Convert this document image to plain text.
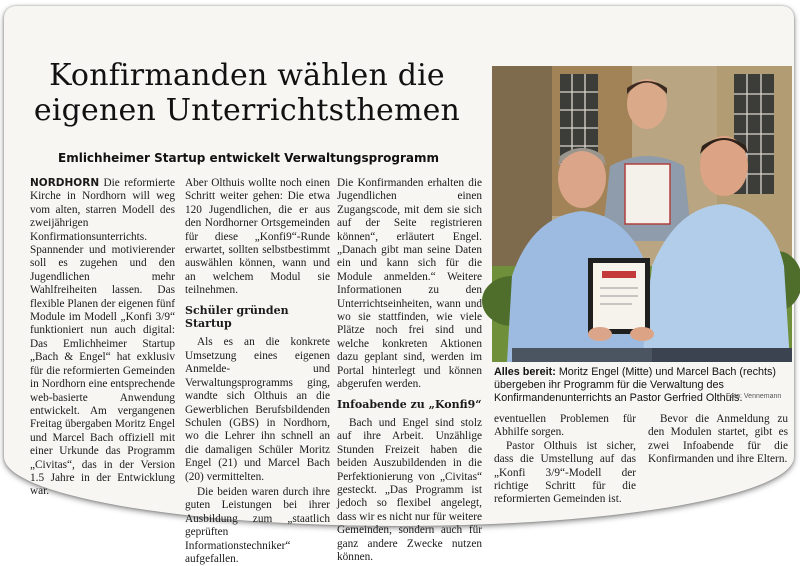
Konfirmanden wählen die eigenen Unterrichtsthemen
Emlichheimer Startup entwickelt Verwaltungsprogramm

NORDHORN Die reformierte Kirche in Nordhorn will weg vom alten, starren Modell des zweijährigen Konfirmationsunterrichts. Spannender und motivierender soll es zugehen und den Jugendlichen mehr Wahlfreiheiten lassen. Das flexible Planen der eigenen fünf Module im Modell „Konfi 3/9“ funktioniert nun auch digital: Das Emlichheimer Startup „Bach & Engel“ hat exklusiv für die reformierten Gemeinden in Nordhorn eine entsprechende web-basierte Anwendung entwickelt. Am vergangenen Freitag übergaben Moritz Engel und Marcel Bach offiziell mit einer Urkunde das Programm „Civitas“, das in der Version 1.5 Jahre in der Entwicklung war.

Aber Olthuis wollte noch einen Schritt weiter gehen: Die etwa 120 Jugendlichen, die er aus den Nordhorner Ortsgemeinden für diese „Konfi9“-Runde erwartet, sollten selbstbestimmt auswählen können, wann und an welchem Modul sie teilnehmen.

Schüler gründen Startup

Als es an die konkrete Umsetzung eines eigenen Anmelde- und Verwaltungsprogramms ging, wandte sich Olthuis an die Gewerblichen Berufsbildenden Schulen (GBS) in Nordhorn, wo die Lehrer ihn schnell an die damaligen Schüler Moritz Engel (21) und Marcel Bach (20) vermittelten.

Die beiden waren durch ihre guten Leistungen bei ihrer Ausbildung zum „staatlich geprüften Informationstechniker“ aufgefallen.

Die Konfirmanden erhalten die Jugendlichen einen Zugangscode, mit dem sie sich auf der Seite registrieren können“, erläutert Engel. „Danach gibt man seine Daten ein und kann sich für die Module anmelden.“ Weitere Informationen zu den Unterrichtseinheiten, wann und wo sie stattfinden, wie viele Plätze noch frei sind und welche konkreten Aktionen dazu geplant sind, werden im Portal hinterlegt und können abgerufen werden.

Infoabende zu „Konfi9“

Bach und Engel sind stolz auf ihre Arbeit. Unzählige Stunden Freizeit haben die beiden Auszubildenden in die Perfektionierung von „Civitas“ gesteckt. „Das Programm ist jedoch so flexibel angelegt, dass wir es nicht nur für weitere Gemeinden, sondern auch für ganz andere Zwecke nutzen können.

Alles bereit: Moritz Engel (Mitte) und Marcel Bach (rechts) übergeben ihr Programm für die Verwaltung des Konfirmandenunterrichts an Pastor Gerfried Olthuis.

Foto: Vennemann

eventuellen Problemen für Abhilfe sorgen.

Pastor Olthuis ist sicher, dass die Umstellung auf das „Konfi 3/9“-Modell der richtige Schritt für die reformierten Gemeinden ist.

Bevor die Anmeldung zu den Modulen startet, gibt es zwei Infoabende für die Konfirmanden und ihre Eltern.
